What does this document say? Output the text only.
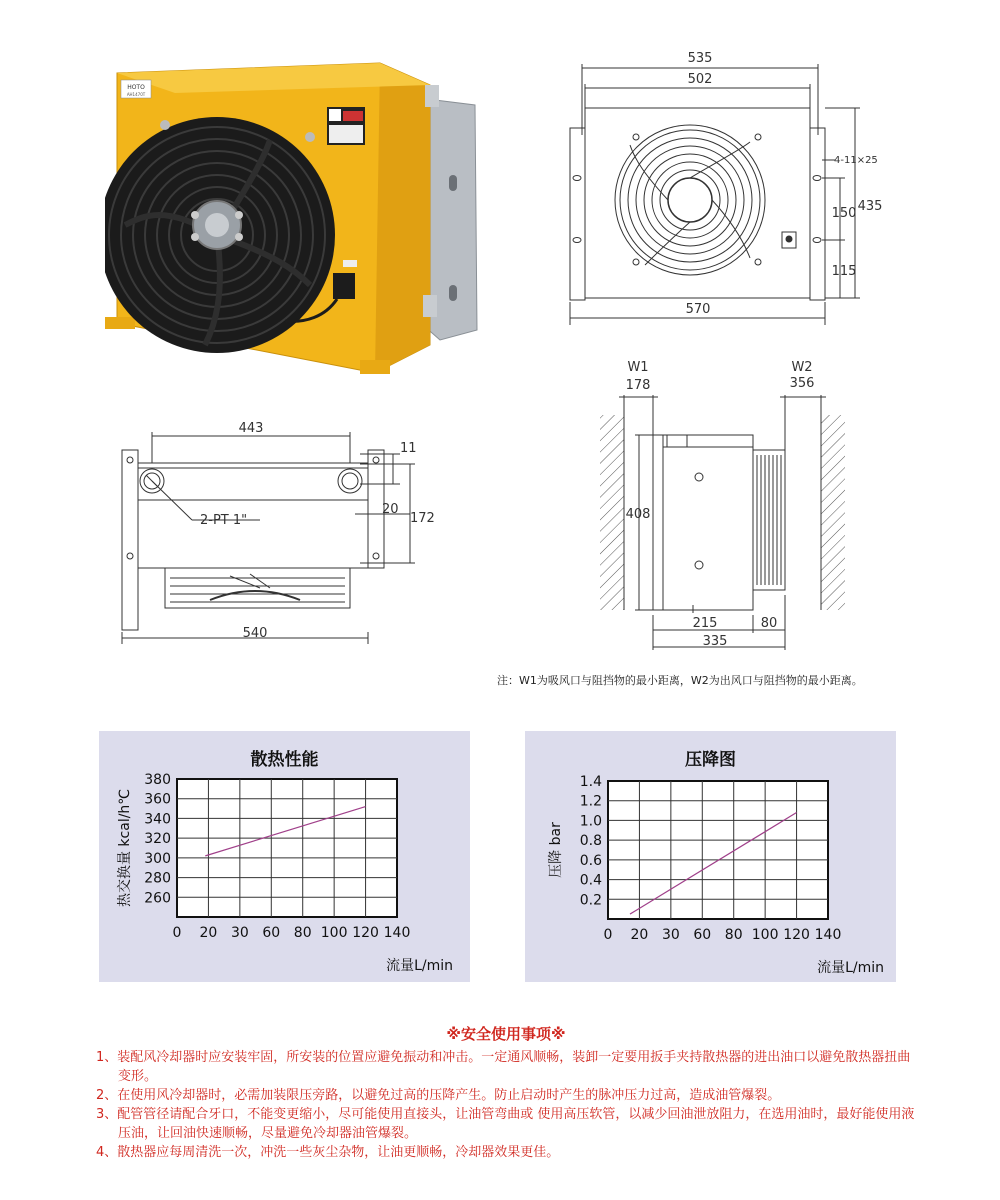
HOTO
AH1470T
535
502
4-11×25
435
150
115
570
443
11
20
172
2-PT 1"
540
W1
178
W2
356
408
215	80
335
注：W1为吸风口与阻挡物的最小距离，W2为出风口与阻挡物的最小距离。
散热性能
260
280
300
320
340
360
380
0 20 30 60 80 100 120 140
流量L/min
热交换量 kcal/h℃
压降图
0.2
0.4
0.6
0.8
1.0
1.2
1.4
0 20 30 60 80 100 120 140
流量L/min
压降 bar
※安全使用事项※
1、装配风冷却器时应安装牢固，所安装的位置应避免振动和冲击。一定通风顺畅，装卸一定要用扳手夹持散热器的进出油口以避免散热器扭曲变形。
2、在使用风冷却器时，必需加装限压旁路，以避免过高的压降产生。防止启动时产生的脉冲压力过高，造成油管爆裂。
3、配管管径请配合牙口，不能变更缩小，尽可能使用直接头，让油管弯曲或 使用高压软管，以减少回油泄放阻力，在选用油时，最好能使用液压油，让回油快速顺畅，尽量避免冷却器油管爆裂。
4、散热器应每周清洗一次，冲洗一些灰尘杂物，让油更顺畅，冷却器效果更佳。
